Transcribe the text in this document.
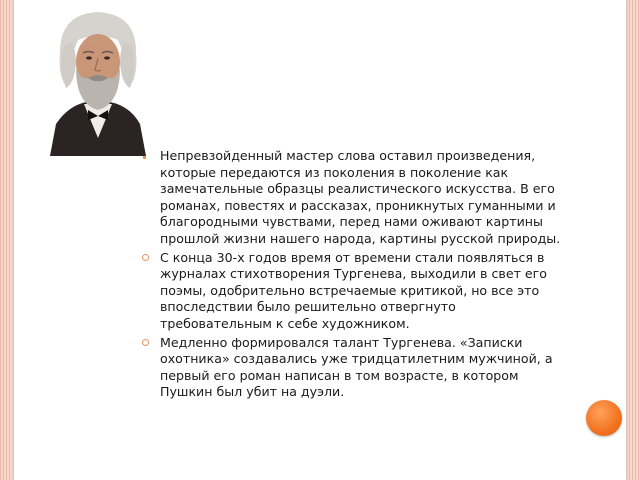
Непревзойденный мастер слова оставил произведения, которые передаются из поколения в поколение как замечательные образцы реалистического искусства. В его романах, повестях и рассказах, проникнутых гуманными и благородными чувствами, перед нами оживают картины прошлой жизни нашего народа, картины русской природы.
С конца 30-х годов время от времени стали появляться в журналах стихотворения Тургенева, выходили в свет его поэмы, одобрительно встречаемые критикой, но все это впоследствии было решительно отвергнуто требовательным к себе художником.
Медленно формировался талант Тургенева. «Записки охотника» создавались уже тридцатилетним мужчиной, а первый его роман написан в том возрасте, в котором Пушкин был убит на дуэли.
